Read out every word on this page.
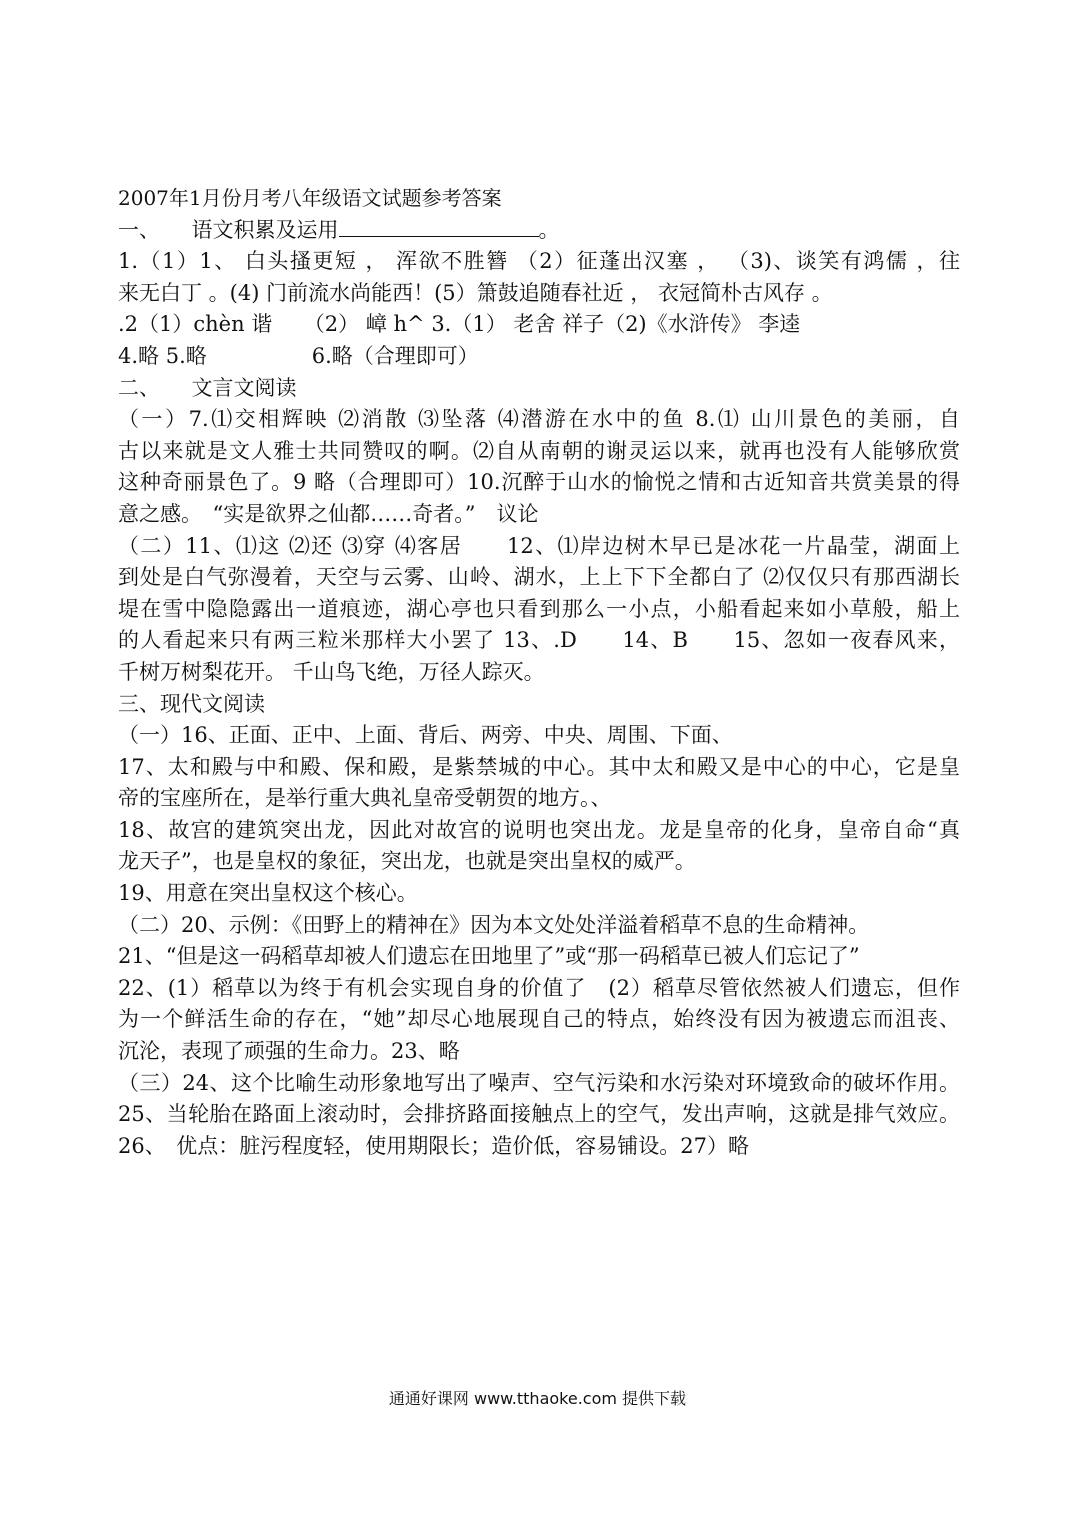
2007年1月份月考八年级语文试题参考答案
一、　　语文积累及运用	。
1.（1）1、 白头搔更短 ， 浑欲不胜簪 （2）征蓬出汉塞 ， （3)、谈笑有鸿儒 ，往
来无白丁 。(4) 门前流水尚能西！(5）箫鼓追随春社近 ， 衣冠简朴古风存 。
.2（1）chèn 谐　　（2） 嶂 h^ 3.（1） 老舍 祥子（2)《水浒传》 李逵
4.略 5.略　　　　　6.略（合理即可）
二、　　文言文阅读
（一）7.⑴交相辉映 ⑵消散 ⑶坠落 ⑷潜游在水中的鱼 8.⑴ 山川景色的美丽，自
古以来就是文人雅士共同赞叹的啊。⑵自从南朝的谢灵运以来，就再也没有人能够欣赏
这种奇丽景色了。9 略（合理即可）10.沉醉于山水的愉悦之情和古近知音共赏美景的得
意之感。　“实是欲界之仙都……奇者。”　议论
（二）11、⑴这 ⑵还 ⑶穿 ⑷客居　　12、⑴岸边树木早已是冰花一片晶莹，湖面上
到处是白气弥漫着，天空与云雾、山岭、湖水，上上下下全都白了 ⑵仅仅只有那西湖长
堤在雪中隐隐露出一道痕迹，湖心亭也只看到那么一小点，小船看起来如小草般，船上
的人看起来只有两三粒米那样大小罢了 13、.D　　14、B　　15、忽如一夜春风来，
千树万树梨花开。 千山鸟飞绝，万径人踪灭。
三、现代文阅读
（一）16、正面、正中、上面、背后、两旁、中央、周围、下面、
17、太和殿与中和殿、保和殿，是紫禁城的中心。其中太和殿又是中心的中心，它是皇
帝的宝座所在，是举行重大典礼皇帝受朝贺的地方。、
18、故宫的建筑突出龙，因此对故宫的说明也突出龙。龙是皇帝的化身，皇帝自命“真
龙天子”，也是皇权的象征，突出龙，也就是突出皇权的威严。
19、用意在突出皇权这个核心。
（二）20、示例：《田野上的精神在》因为本文处处洋溢着稻草不息的生命精神。
21、“但是这一码稻草却被人们遗忘在田地里了”或“那一码稻草已被人们忘记了”
22、(1）稻草以为终于有机会实现自身的价值了　(2）稻草尽管依然被人们遗忘，但作
为一个鲜活生命的存在，“她”却尽心地展现自己的特点，始终没有因为被遗忘而沮丧、
沉沦，表现了顽强的生命力。23、略
（三）24、这个比喻生动形象地写出了噪声、空气污染和水污染对环境致命的破坏作用。
25、当轮胎在路面上滚动时，会排挤路面接触点上的空气，发出声响，这就是排气效应。
26、　优点：脏污程度轻，使用期限长；造价低，容易铺设。27）略
通通好课网 www.tthaoke.com 提供下载
